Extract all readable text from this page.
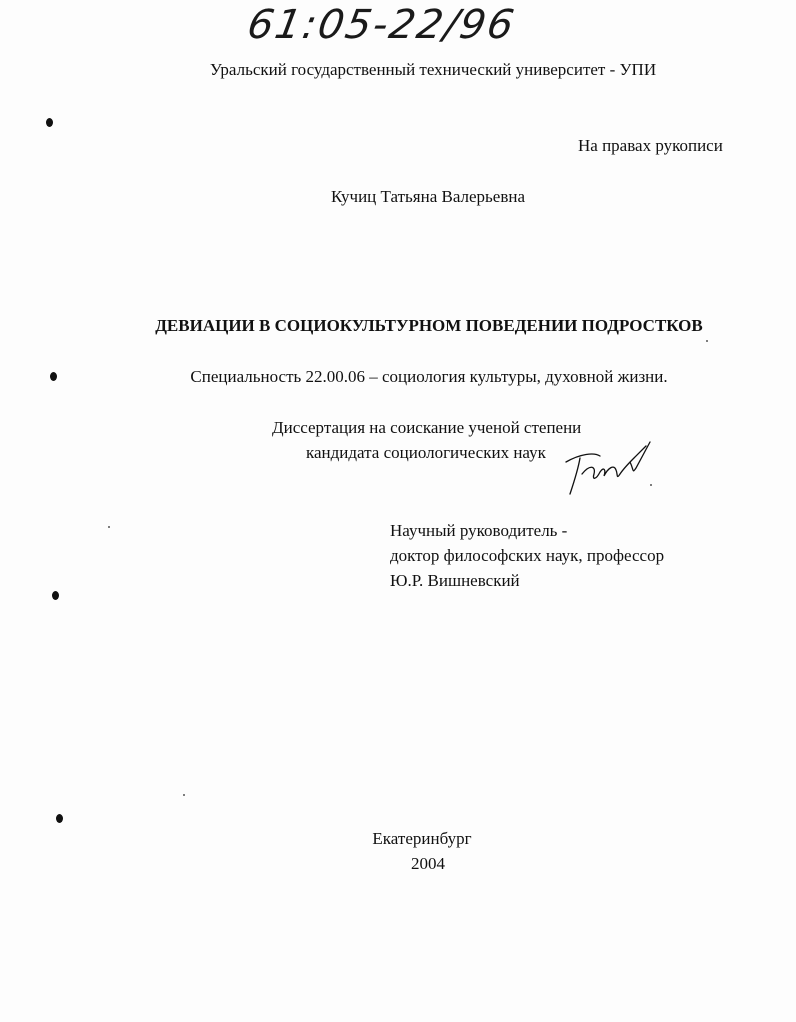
61:05-22/96
Уральский государственный технический университет - УПИ
На правах рукописи
Кучиц Татьяна Валерьевна
ДЕВИАЦИИ В СОЦИОКУЛЬТУРНОМ ПОВЕДЕНИИ ПОДРОСТКОВ
Специальность 22.00.06 – социология культуры, духовной жизни.
Диссертация на соискание ученой степени
кандидата социологических наук
Научный руководитель -
доктор философских наук, профессор
Ю.Р. Вишневский
Екатеринбург
2004
